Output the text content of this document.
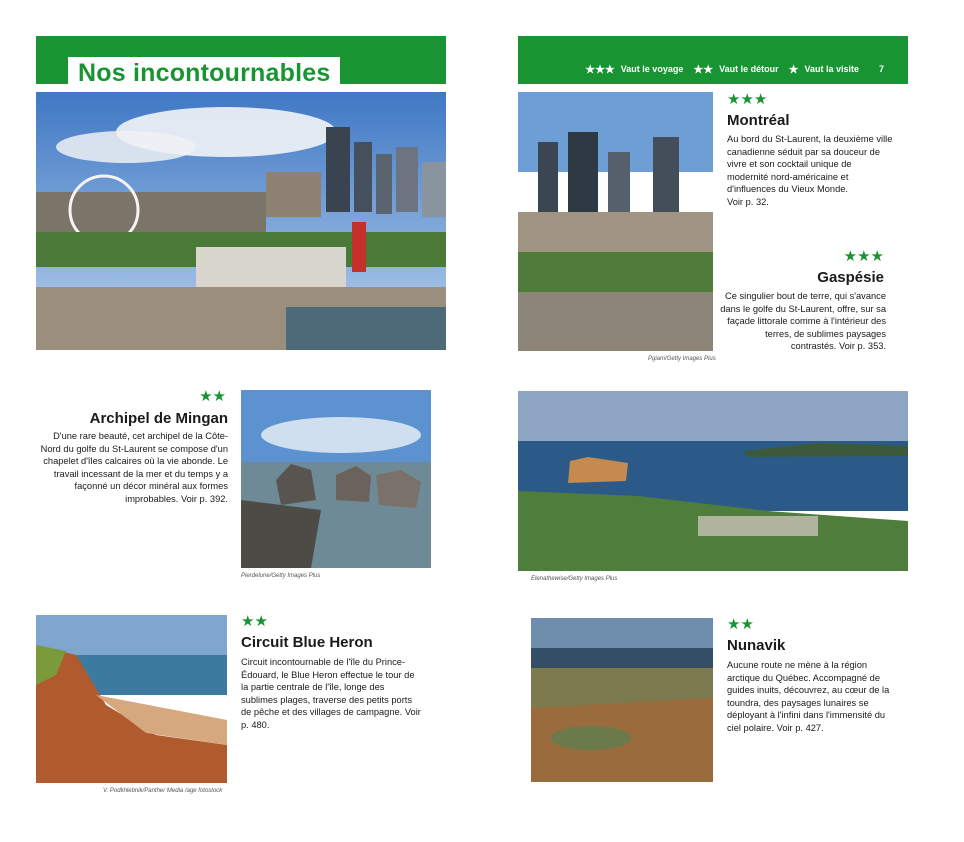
Nos incontournables
★★
Archipel de Mingan
D'une rare beauté, cet archipel de la Côte-Nord du golfe du St-Laurent se compose d'un chapelet d'îles calcaires où la vie abonde. Le travail incessant de la mer et du temps y a façonné un décor minéral aux formes improbables. Voir p. 392.
Pierdelune/Getty Images Plus
V. Podkhlebnik/Panther Media /age fotostock
★★
Circuit Blue Heron
Circuit incontournable de l'île du Prince-Édouard, le Blue Heron effectue le tour de la partie centrale de l'île, longe des sublimes plages, traverse des petits ports de pêche et des villages de campagne. Voir p. 480.
★★★ Vaut le voyage ★★ Vaut le détour ★ Vaut la visite 7
Pgiam/Getty Images Plus
★★★
Montréal
Au bord du St-Laurent, la deuxième ville canadienne séduit par sa douceur de vivre et son cocktail unique de modernité nord-américaine et d'influences du Vieux Monde.
Voir p. 32.
★★★
Gaspésie
Ce singulier bout de terre, qui s'avance dans le golfe du St-Laurent, offre, sur sa façade littorale comme à l'intérieur des terres, de sublimes paysages contrastés. Voir p. 353.
Elenathewise/Getty Images Plus
★★
Nunavik
Aucune route ne mène à la région arctique du Québec. Accompagné de guides inuits, découvrez, au cœur de la toundra, des paysages lunaires se déployant à l'infini dans l'immensité du ciel polaire. Voir p. 427.
